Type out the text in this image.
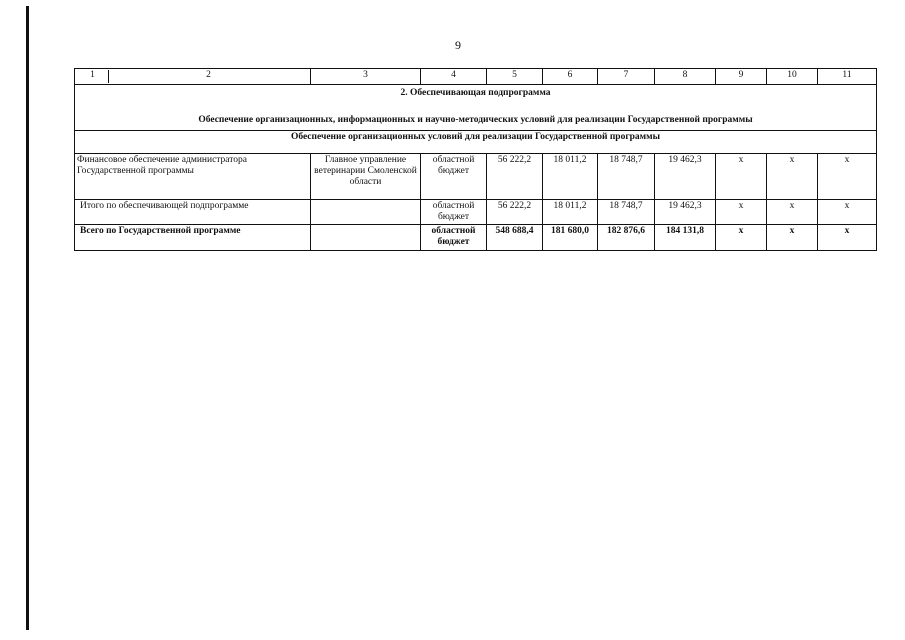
9
1 2	3	4	5	6	7	8	9	10	11

2. Обеспечивающая подпрограмма
Обеспечение организационных, информационных и научно-методических условий для реализации Государственной программы									

Обеспечение организационных условий для реализации Государственной программы									
Финансовое обеспечение администратора Государственной программы	Главное управление ветеринарии Смоленской области	областной бюджет	56 222,2	18 011,2	18 748,7	19 462,3	х	х	х
Итого по обеспечивающей подпрограмме		областной бюджет	56 222,2	18 011,2	18 748,7	19 462,3	х	х	х
Всего по Государственной программе		областной бюджет	548 688,4	181 680,0	182 876,6	184 131,8	х	х	х
